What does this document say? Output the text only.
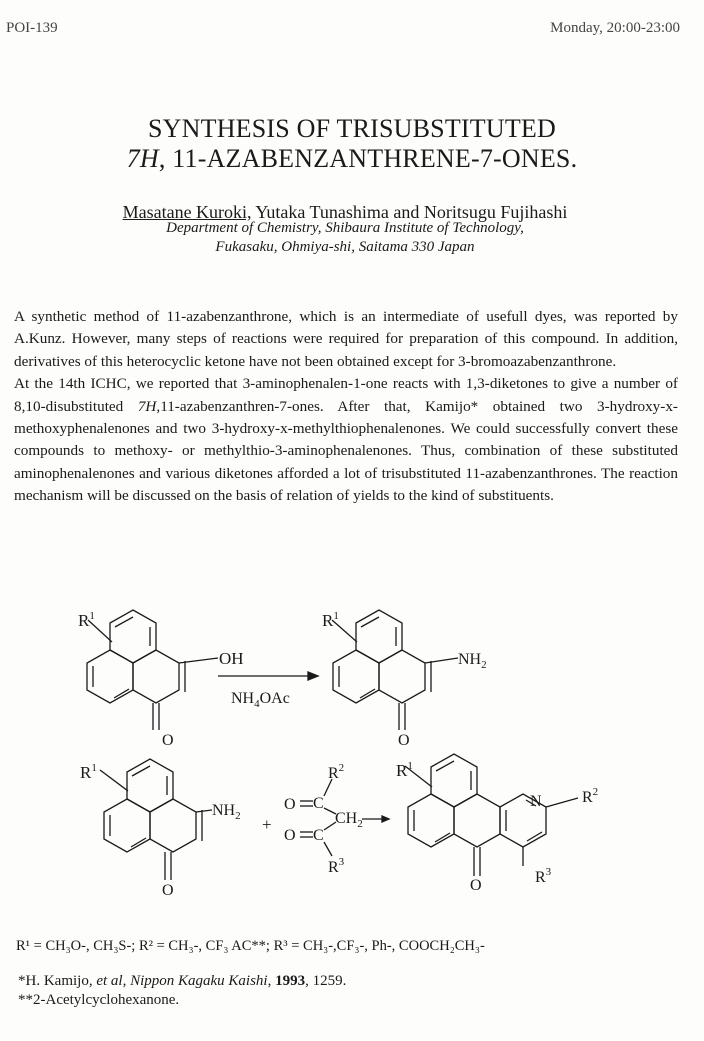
POI-139	Monday, 20:00-23:00
SYNTHESIS OF TRISUBSTITUTED
7H, 11-AZABENZANTHRENE-7-ONES.
Masatane Kuroki, Yutaka Tunashima and Noritsugu Fujihashi
Department of Chemistry, Shibaura Institute of Technology,
Fukasaku, Ohmiya-shi, Saitama 330 Japan

A synthetic method of 11-azabenzanthrone, which is an intermediate of usefull dyes, was reported by A.Kunz. However, many steps of reactions were required for preparation of this compound. In addition, derivatives of this heterocyclic ketone have not been obtained except for 3-bromoazabenzanthrone.

At the 14th ICHC, we reported that 3-aminophenalen-1-one reacts with 1,3-diketones to give a number of 8,10-disubstituted 7H,11-azabenzanthren-7-ones. After that, Kamijo* obtained two 3-hydroxy-x-methoxyphenalenones and two 3-hydroxy-x-methylthiophenalenones. We could successfully convert these compounds to methoxy- or methylthio-3-aminophenalenones. Thus, combination of these substituted aminophenalenones and various diketones afforded a lot of trisubstituted 11-azabenzanthrones. The reaction mechanism will be discussed on the basis of relation of yields to the kind of substituents.

$R^1$
OH
$NH_4OAc$
O
$R^1$
$NH_2$
O
$R^1$
$NH_2$
O
+
O C
O C
$CH_2$
$R^2$
$R^3$
$R^1$
N	$R^2$
O	$R^3$
R¹ = CH₃O-, CH₃S-; R² = CH₃-, CF₃ AC**; R³ = CH₃-,CF₃-, Ph-, COOCH₂CH₃-
*H. Kamijo, et al, Nippon Kagaku Kaishi, 1993, 1259.
**2-Acetylcyclohexanone.
